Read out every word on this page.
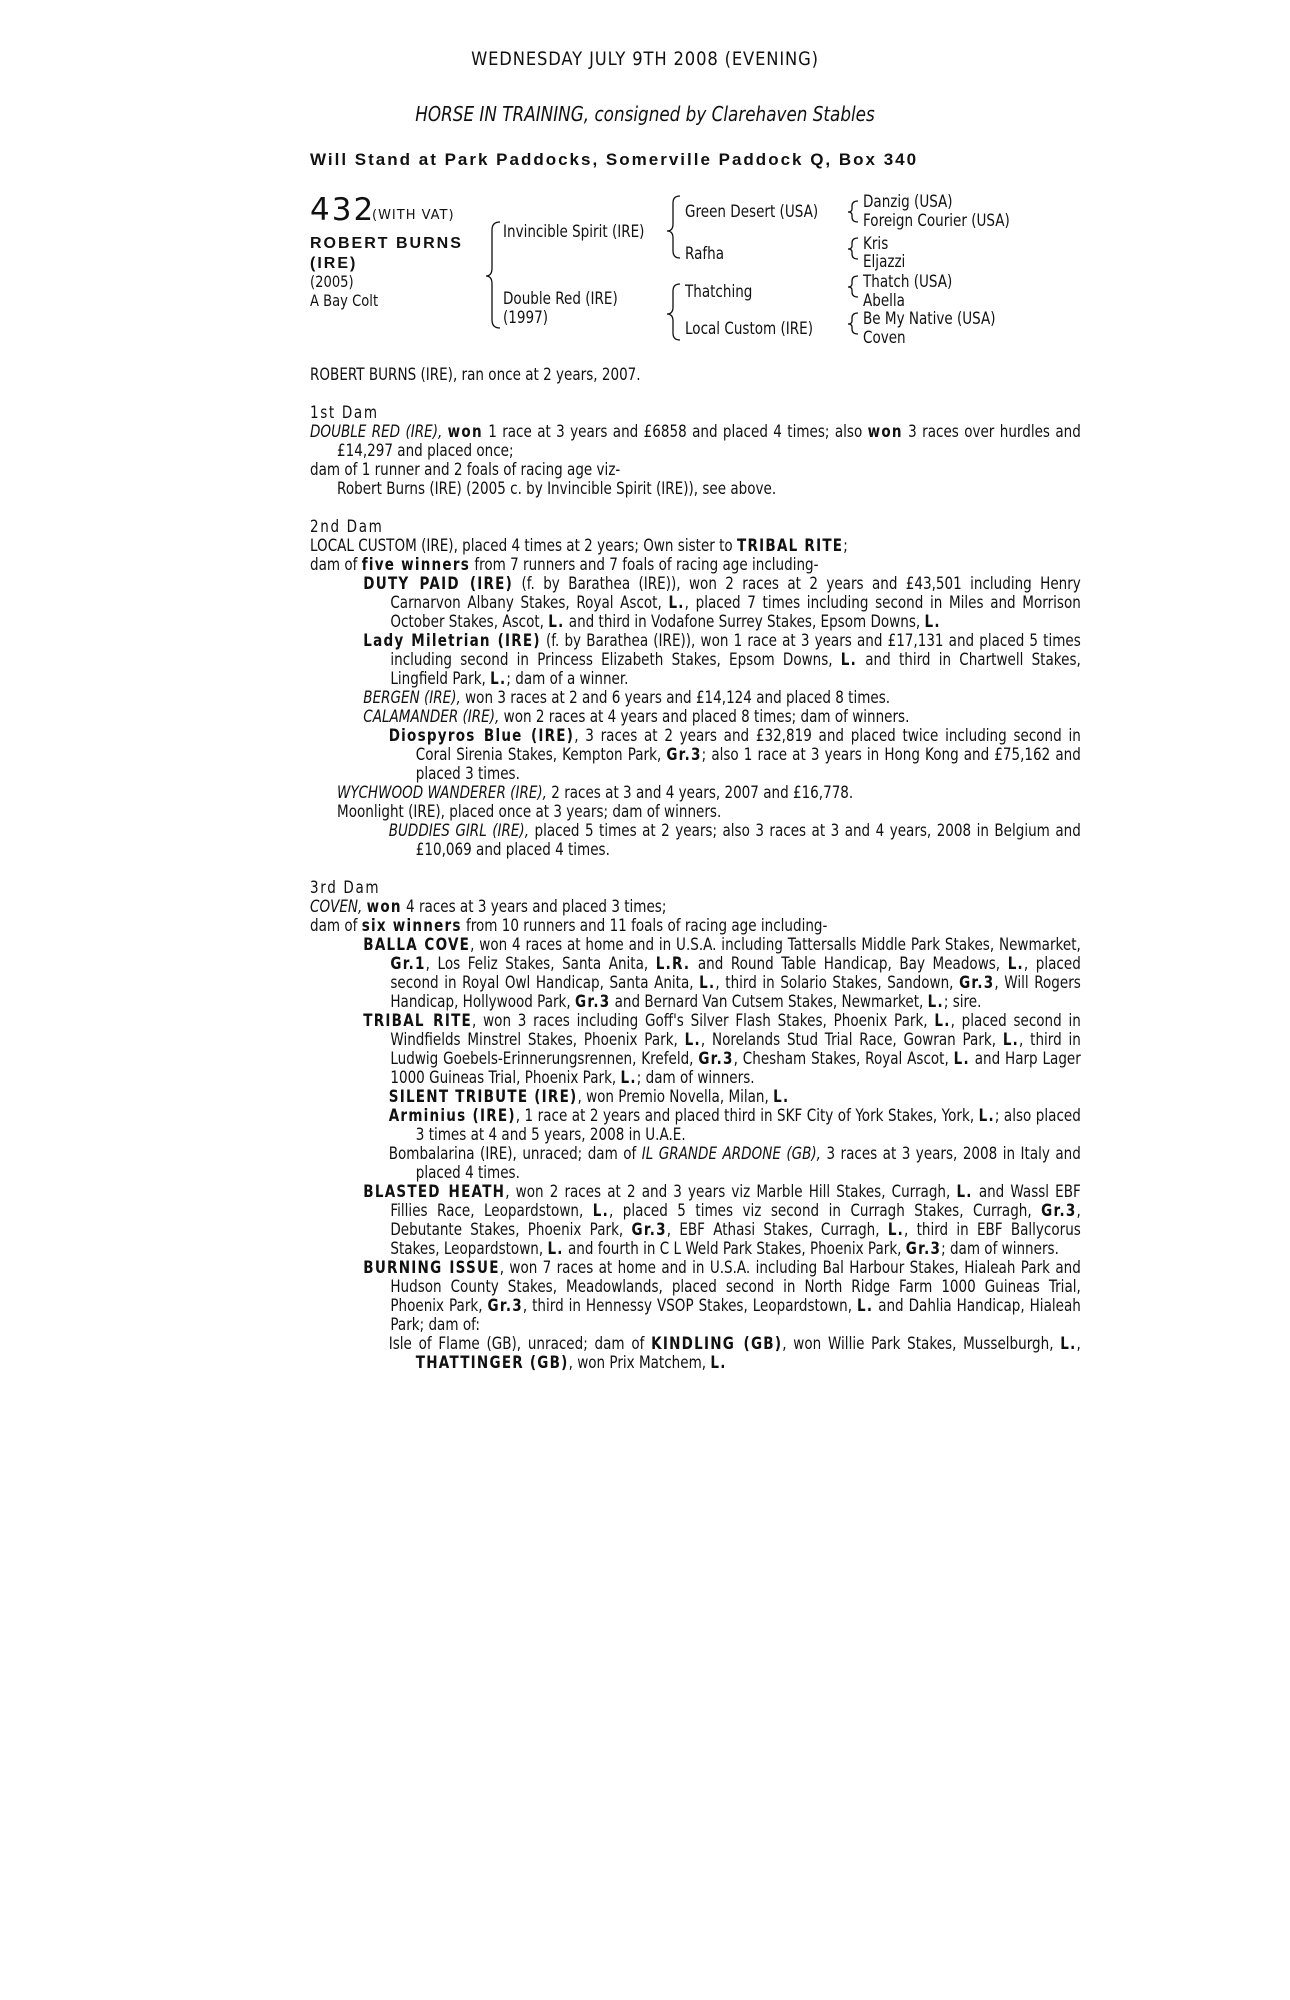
WEDNESDAY JULY 9TH 2008 (EVENING)
HORSE IN TRAINING, consigned by Clarehaven Stables
Will Stand at Park Paddocks, Somerville Paddock Q, Box 340
432
(WITH VAT)
ROBERT BURNS
(IRE)
(2005)
A Bay Colt
Invincible Spirit (IRE)
Double Red (IRE)
(1997)
Green Desert (USA)
Rafha
Thatching
Local Custom (IRE)
Danzig (USA)
Foreign Courier (USA)
Kris
Eljazzi
Thatch (USA)
Abella
Be My Native (USA)
Coven

ROBERT BURNS (IRE), ran once at 2 years, 2007.

1st Dam

DOUBLE RED (IRE), won 1 race at 3 years and £6858 and placed 4 times; also won 3 races over hurdles and £14,297 and placed once;

dam of 1 runner and 2 foals of racing age viz-

Robert Burns (IRE) (2005 c. by Invincible Spirit (IRE)), see above.

2nd Dam

LOCAL CUSTOM (IRE), placed 4 times at 2 years; Own sister to TRIBAL RITE;

dam of five winners from 7 runners and 7 foals of racing age including-

DUTY PAID (IRE) (f. by Barathea (IRE)), won 2 races at 2 years and £43,501 including Henry Carnarvon Albany Stakes, Royal Ascot, L., placed 7 times including second in Miles and Morrison October Stakes, Ascot, L. and third in Vodafone Surrey Stakes, Epsom Downs, L.

Lady Miletrian (IRE) (f. by Barathea (IRE)), won 1 race at 3 years and £17,131 and placed 5 times including second in Princess Elizabeth Stakes, Epsom Downs, L. and third in Chartwell Stakes, Lingfield Park, L.; dam of a winner.

BERGEN (IRE), won 3 races at 2 and 6 years and £14,124 and placed 8 times.

CALAMANDER (IRE), won 2 races at 4 years and placed 8 times; dam of winners.

Diospyros Blue (IRE), 3 races at 2 years and £32,819 and placed twice including second in Coral Sirenia Stakes, Kempton Park, Gr.3; also 1 race at 3 years in Hong Kong and £75,162 and placed 3 times.

WYCHWOOD WANDERER (IRE), 2 races at 3 and 4 years, 2007 and £16,778.

Moonlight (IRE), placed once at 3 years; dam of winners.

BUDDIES GIRL (IRE), placed 5 times at 2 years; also 3 races at 3 and 4 years, 2008 in Belgium and £10,069 and placed 4 times.

3rd Dam

COVEN, won 4 races at 3 years and placed 3 times;

dam of six winners from 10 runners and 11 foals of racing age including-

BALLA COVE, won 4 races at home and in U.S.A. including Tattersalls Middle Park Stakes, Newmarket, Gr.1, Los Feliz Stakes, Santa Anita, L.R. and Round Table Handicap, Bay Meadows, L., placed second in Royal Owl Handicap, Santa Anita, L., third in Solario Stakes, Sandown, Gr.3, Will Rogers Handicap, Hollywood Park, Gr.3 and Bernard Van Cutsem Stakes, Newmarket, L.; sire.

TRIBAL RITE, won 3 races including Goff's Silver Flash Stakes, Phoenix Park, L., placed second in Windfields Minstrel Stakes, Phoenix Park, L., Norelands Stud Trial Race, Gowran Park, L., third in Ludwig Goebels-Erinnerungsrennen, Krefeld, Gr.3, Chesham Stakes, Royal Ascot, L. and Harp Lager 1000 Guineas Trial, Phoenix Park, L.; dam of winners.

SILENT TRIBUTE (IRE), won Premio Novella, Milan, L.

Arminius (IRE), 1 race at 2 years and placed third in SKF City of York Stakes, York, L.; also placed 3 times at 4 and 5 years, 2008 in U.A.E.

Bombalarina (IRE), unraced; dam of IL GRANDE ARDONE (GB), 3 races at 3 years, 2008 in Italy and placed 4 times.

BLASTED HEATH, won 2 races at 2 and 3 years viz Marble Hill Stakes, Curragh, L. and Wassl EBF Fillies Race, Leopardstown, L., placed 5 times viz second in Curragh Stakes, Curragh, Gr.3, Debutante Stakes, Phoenix Park, Gr.3, EBF Athasi Stakes, Curragh, L., third in EBF Ballycorus Stakes, Leopardstown, L. and fourth in C L Weld Park Stakes, Phoenix Park, Gr.3; dam of winners.

BURNING ISSUE, won 7 races at home and in U.S.A. including Bal Harbour Stakes, Hialeah Park and Hudson County Stakes, Meadowlands, placed second in North Ridge Farm 1000 Guineas Trial, Phoenix Park, Gr.3, third in Hennessy VSOP Stakes, Leopardstown, L. and Dahlia Handicap, Hialeah Park; dam of:

Isle of Flame (GB), unraced; dam of KINDLING (GB), won Willie Park Stakes, Musselburgh, L., THATTINGER (GB), won Prix Matchem, L.
